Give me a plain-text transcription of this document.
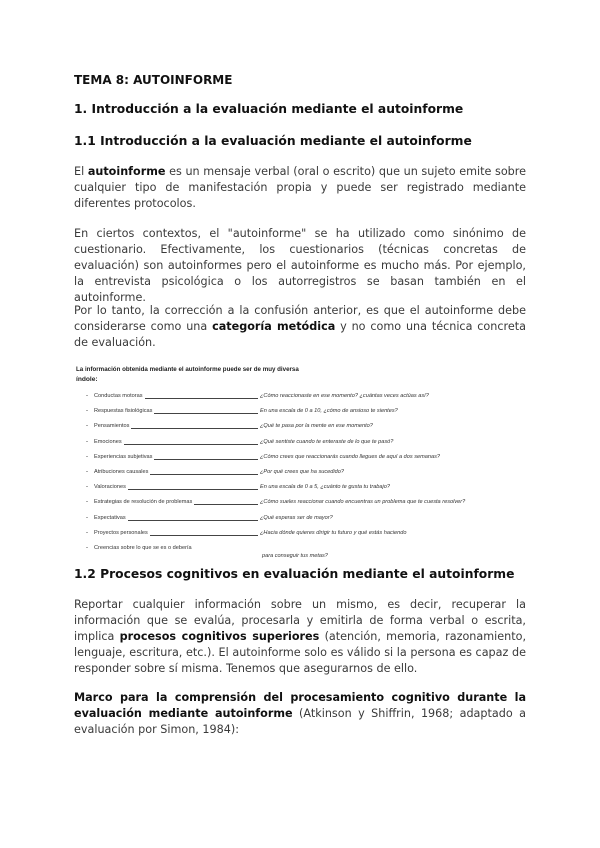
TEMA 8: AUTOINFORME
1. Introducción a la evaluación mediante el autoinforme
1.1 Introducción a la evaluación mediante el autoinforme

El autoinforme es un mensaje verbal (oral o escrito) que un sujeto emite sobre cualquier tipo de manifestación propia y puede ser registrado mediante diferentes protocolos.

En ciertos contextos, el "autoinforme" se ha utilizado como sinónimo de cuestionario. Efectivamente, los cuestionarios (técnicas concretas de evaluación) son autoinformes pero el autoinforme es mucho más. Por ejemplo, la entrevista psicológica o los autorregistros se basan también en el autoinforme.

Por lo tanto, la corrección a la confusión anterior, es que el autoinforme debe considerarse como una categoría metódica y no como una técnica concreta de evaluación.

La información obtenida mediante el autoinforme puede ser de muy diversa
índole:
- Conductas motoras	¿Cómo reaccionaste en ese momento? ¿cuántas veces actúas así?
- Respuestas fisiológicas	En una escala de 0 a 10, ¿cómo de ansioso te sientes?
- Pensamientos	¿Qué te pasa por la mente en ese momento?
- Emociones	¿Qué sentiste cuando te enteraste de lo que te pasó?
- Experiencias subjetivas	¿Cómo crees que reaccionarás cuando llegues de aquí a dos semanas?
- Atribuciones causales	¿Por qué crees que ha sucedido?
- Valoraciones	En una escala de 0 a 5, ¿cuánto te gusta tu trabajo?
- Estrategias de resolución de problemas	¿Cómo sueles reaccionar cuando encuentras un problema que te cuesta resolver?
- Expectativas	¿Qué esperas ser de mayor?
- Proyectos personales	¿Hacia dónde quieres dirigir tu futuro y qué estás haciendo
- Creencias sobre lo que se es o debería
para conseguir tus metas?
1.2 Procesos cognitivos en evaluación mediante el autoinforme

Reportar cualquier información sobre un mismo, es decir, recuperar la información que se evalúa, procesarla y emitirla de forma verbal o escrita, implica procesos cognitivos superiores (atención, memoria, razonamiento, lenguaje, escritura, etc.). El autoinforme solo es válido si la persona es capaz de responder sobre sí misma. Tenemos que asegurarnos de ello.

Marco para la comprensión del procesamiento cognitivo durante la evaluación mediante autoinforme (Atkinson y Shiffrin, 1968; adaptado a evaluación por Simon, 1984):
